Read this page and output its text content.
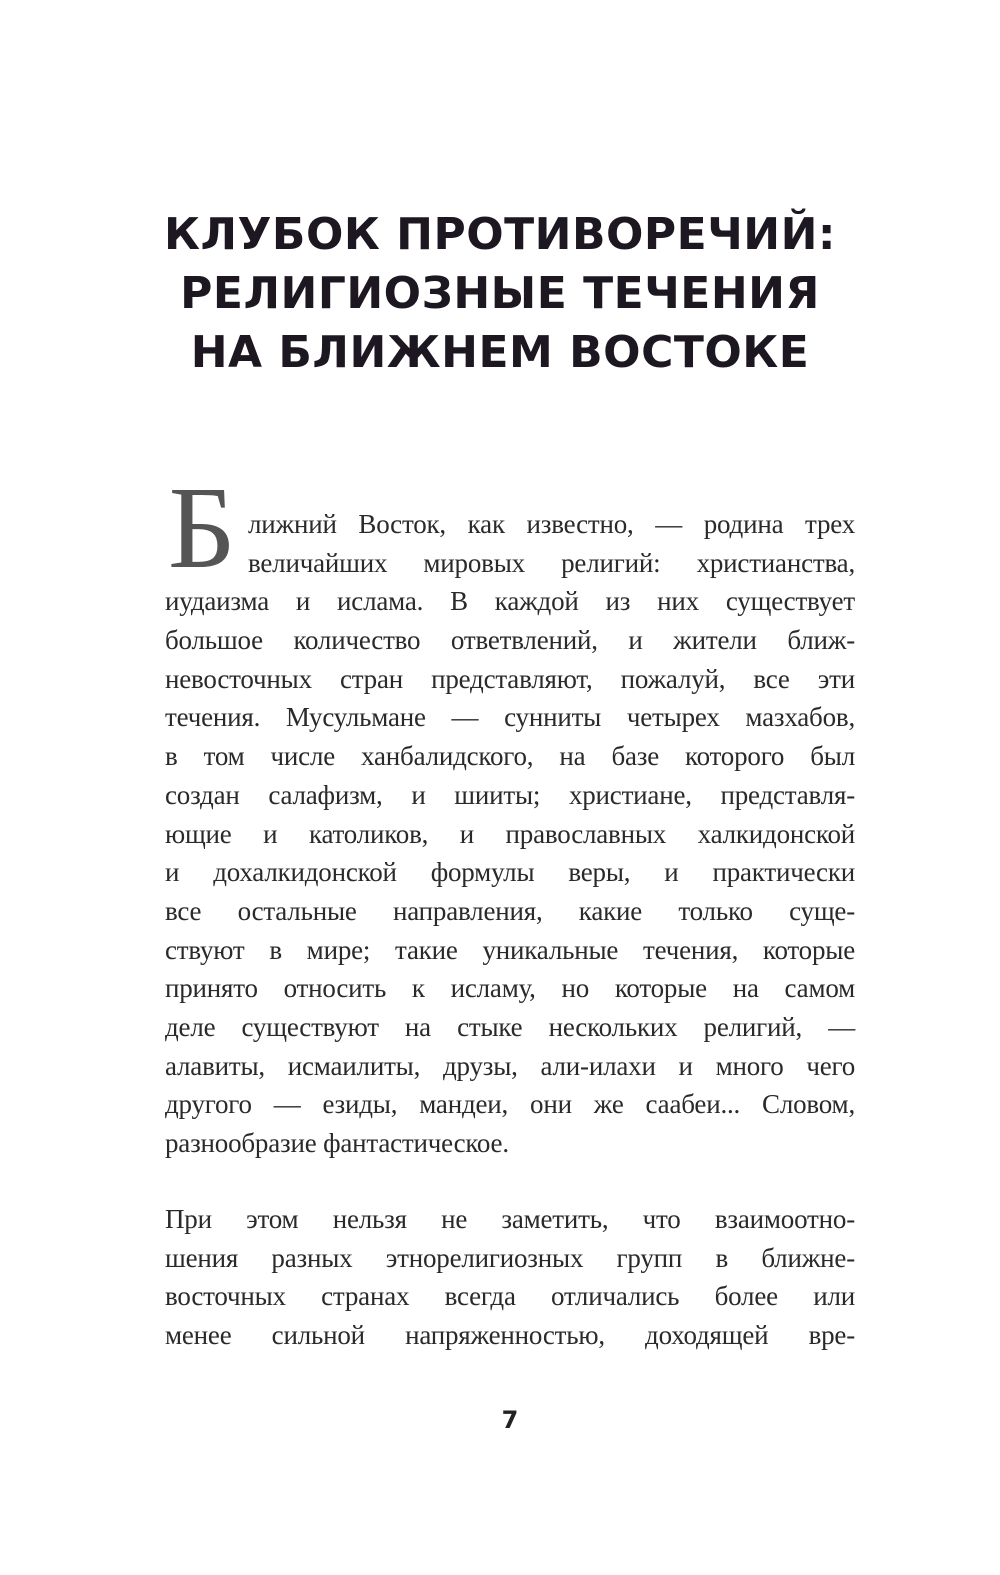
КЛУБОК ПРОТИВОРЕЧИЙ:
РЕЛИГИОЗНЫЕ ТЕЧЕНИЯ
НА БЛИЖНЕМ ВОСТОКЕ
Б лижний Восток, как известно, — родина трех
величайших мировых религий: христианства,
иудаизма и ислама. В каждой из них существует
большое количество ответвлений, и жители ближ-
невосточных стран представляют, пожалуй, все эти
течения. Мусульмане — сунниты четырех мазхабов,
в том числе ханбалидского, на базе которого был
создан салафизм, и шииты; христиане, представля-
ющие и католиков, и православных халкидонской
и дохалкидонской формулы веры, и практически
все остальные направления, какие только суще-
ствуют в мире; такие уникальные течения, которые
принято относить к исламу, но которые на самом
деле существуют на стыке нескольких религий, —
алавиты, исмаилиты, друзы, али-илахи и много чего
другого — езиды, мандеи, они же саабеи... Словом,
разнообразие фантастическое.
При этом нельзя не заметить, что взаимоотно-
шения разных этнорелигиозных групп в ближне-
восточных странах всегда отличались более или
менее сильной напряженностью, доходящей вре-
7
